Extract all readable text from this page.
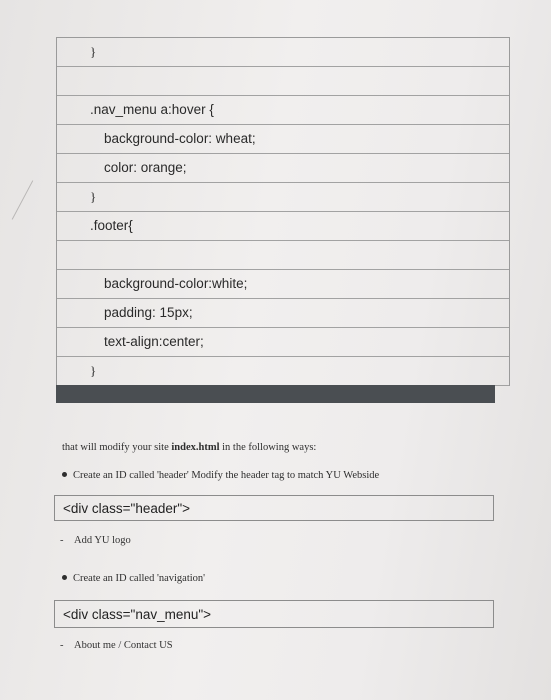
}
.nav_menu a:hover {
background-color: wheat;
color: orange;
}
.footer{
background-color:white;
padding: 15px;
text-align:center;
}
that will modify your site index.html in the following ways:
Create an ID called 'header' Modify the header tag to match YU Webside
<div class="header">
- Add YU logo
Create an ID called 'navigation'
<div class="nav_menu">
- About me / Contact US
